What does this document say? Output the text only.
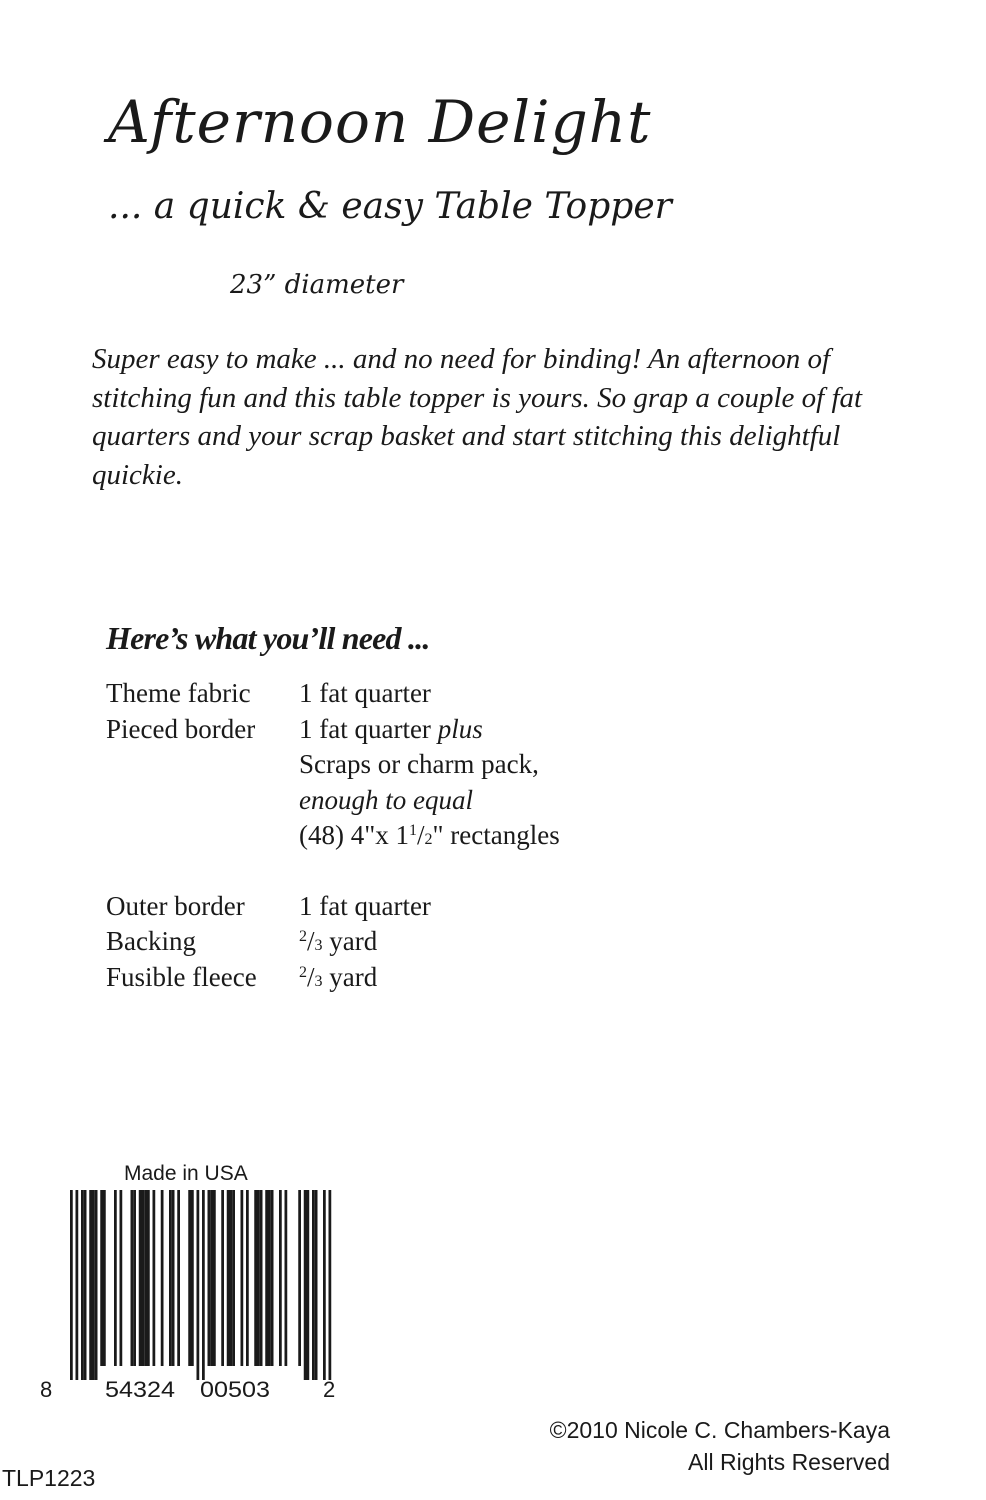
Afternoon Delight

... a quick & easy Table Topper

23” diameter

Super easy to make ... and no need for binding! An afternoon of stitching fun and this table topper is yours. So grap a couple of fat quarters and your scrap basket and start stitching this delightful quickie.

Here’s what you’ll need ...
Theme fabric	1 fat quarter
Pieced border	1 fat quarter plus
Scraps or charm pack,
enough to equal
(48) 4"x $1^1/2$" rectangles
Outer border	1 fat quarter
Backing	$^2$/3 yard
Fusible fleece	$^2$/3 yard

Made in USA

8 54324 00503 2
©2010 Nicole C. Chambers-Kaya
All Rights Reserved

TLP1223
